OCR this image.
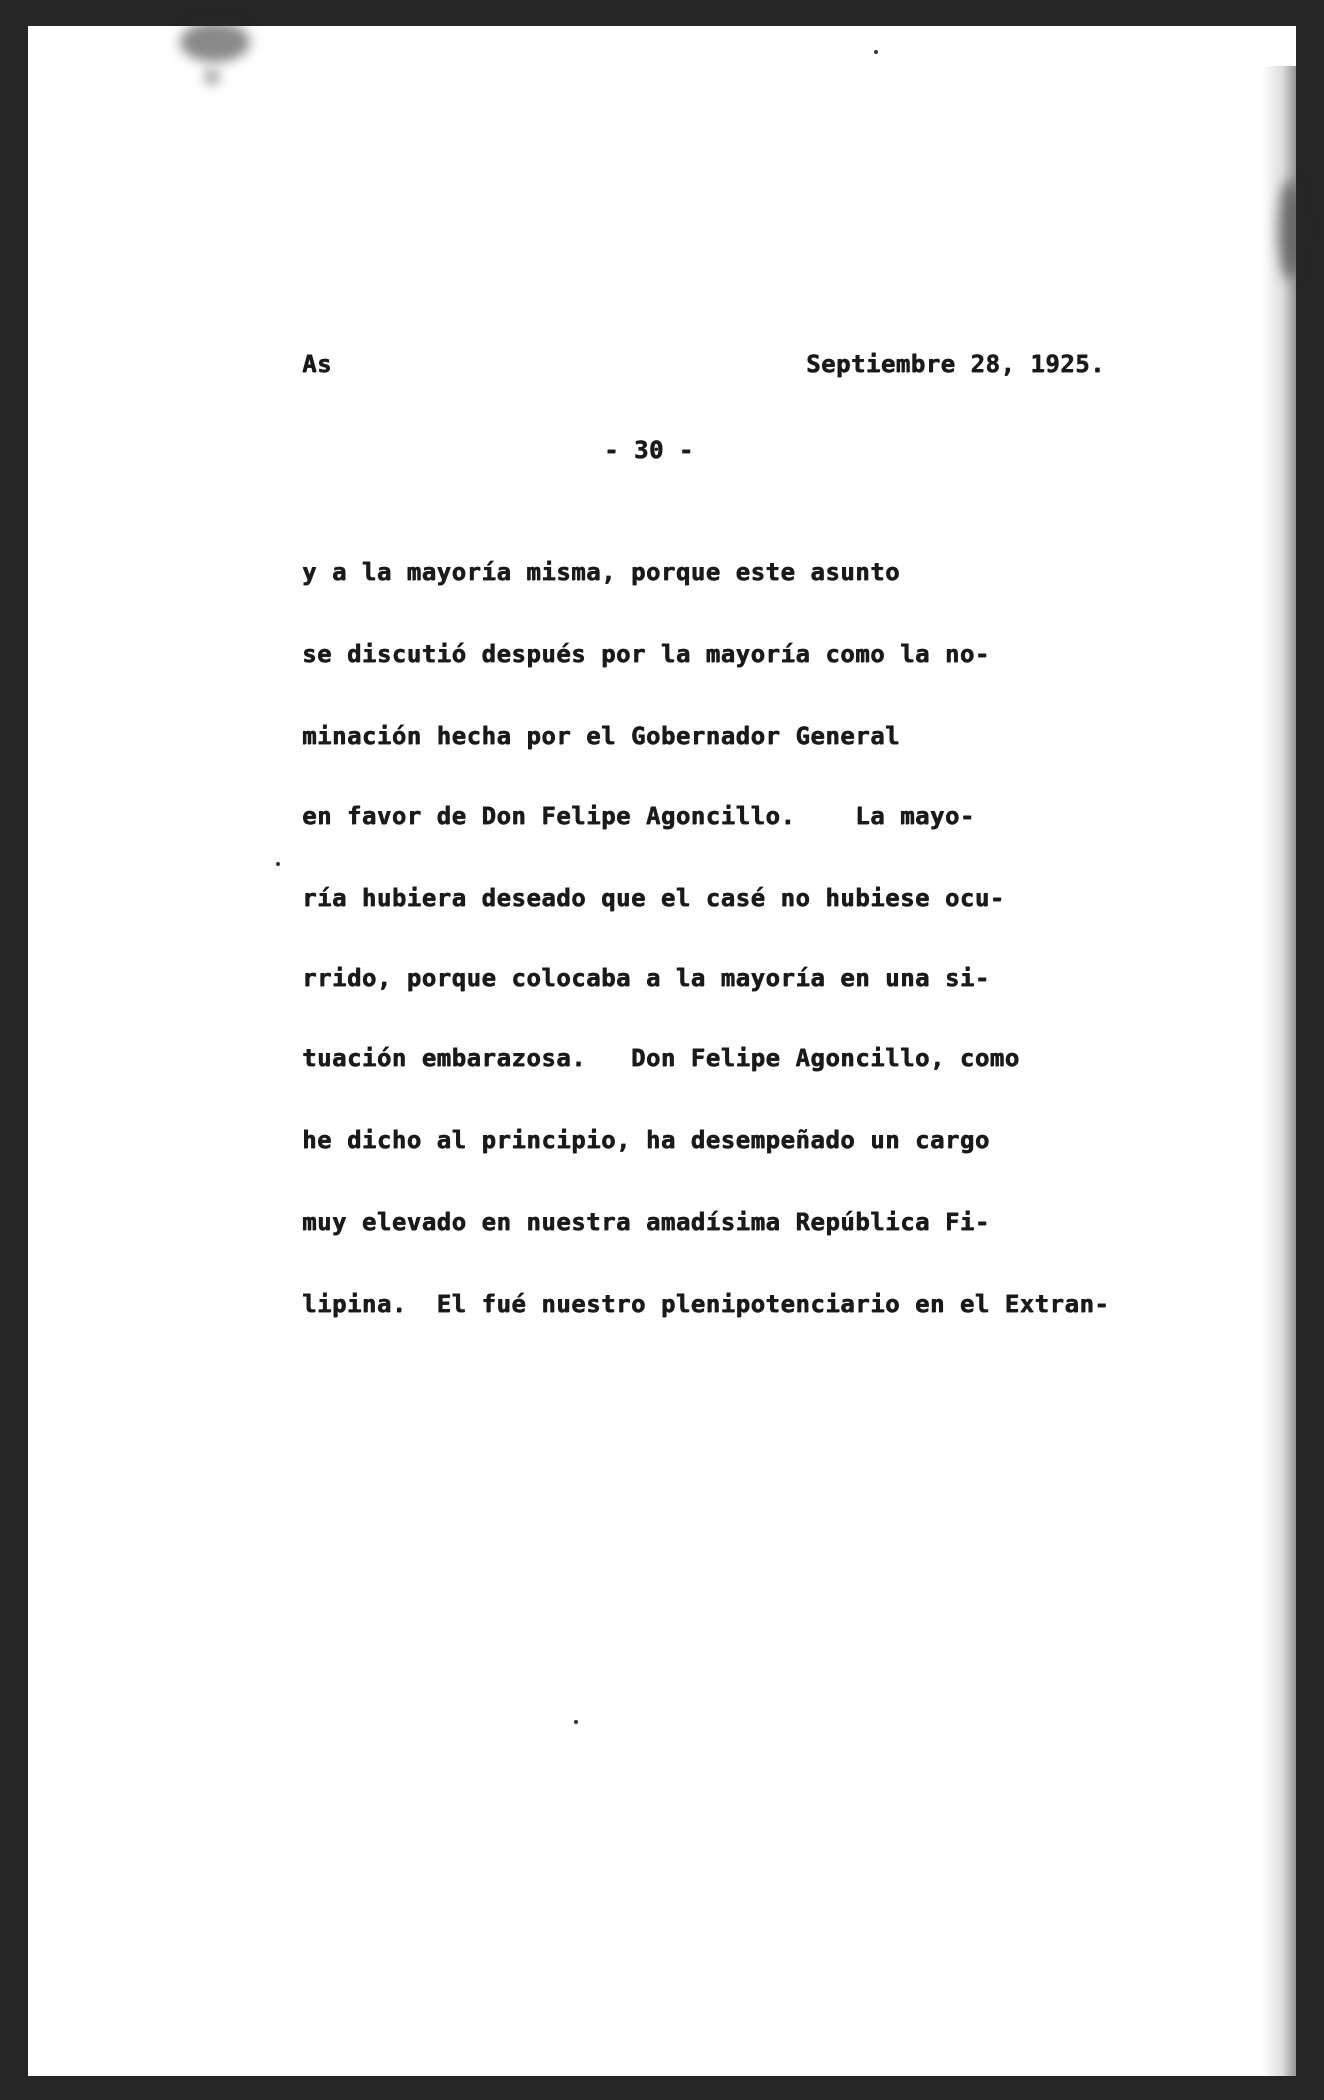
As	Septiembre 28, 1925.
- 30 -
y a la mayoría misma, porque este asunto
se discutió después por la mayoría como la no-
minación hecha por el Gobernador General
en favor de Don Felipe Agoncillo.    La mayo-
ría hubiera deseado que el casé no hubiese ocu-
rrido, porque colocaba a la mayoría en una si-
tuación embarazosa.   Don Felipe Agoncillo, como
he dicho al principio, ha desempeñado un cargo
muy elevado en nuestra amadísima República Fi-
lipina.  El fué nuestro plenipotenciario en el Extran-
